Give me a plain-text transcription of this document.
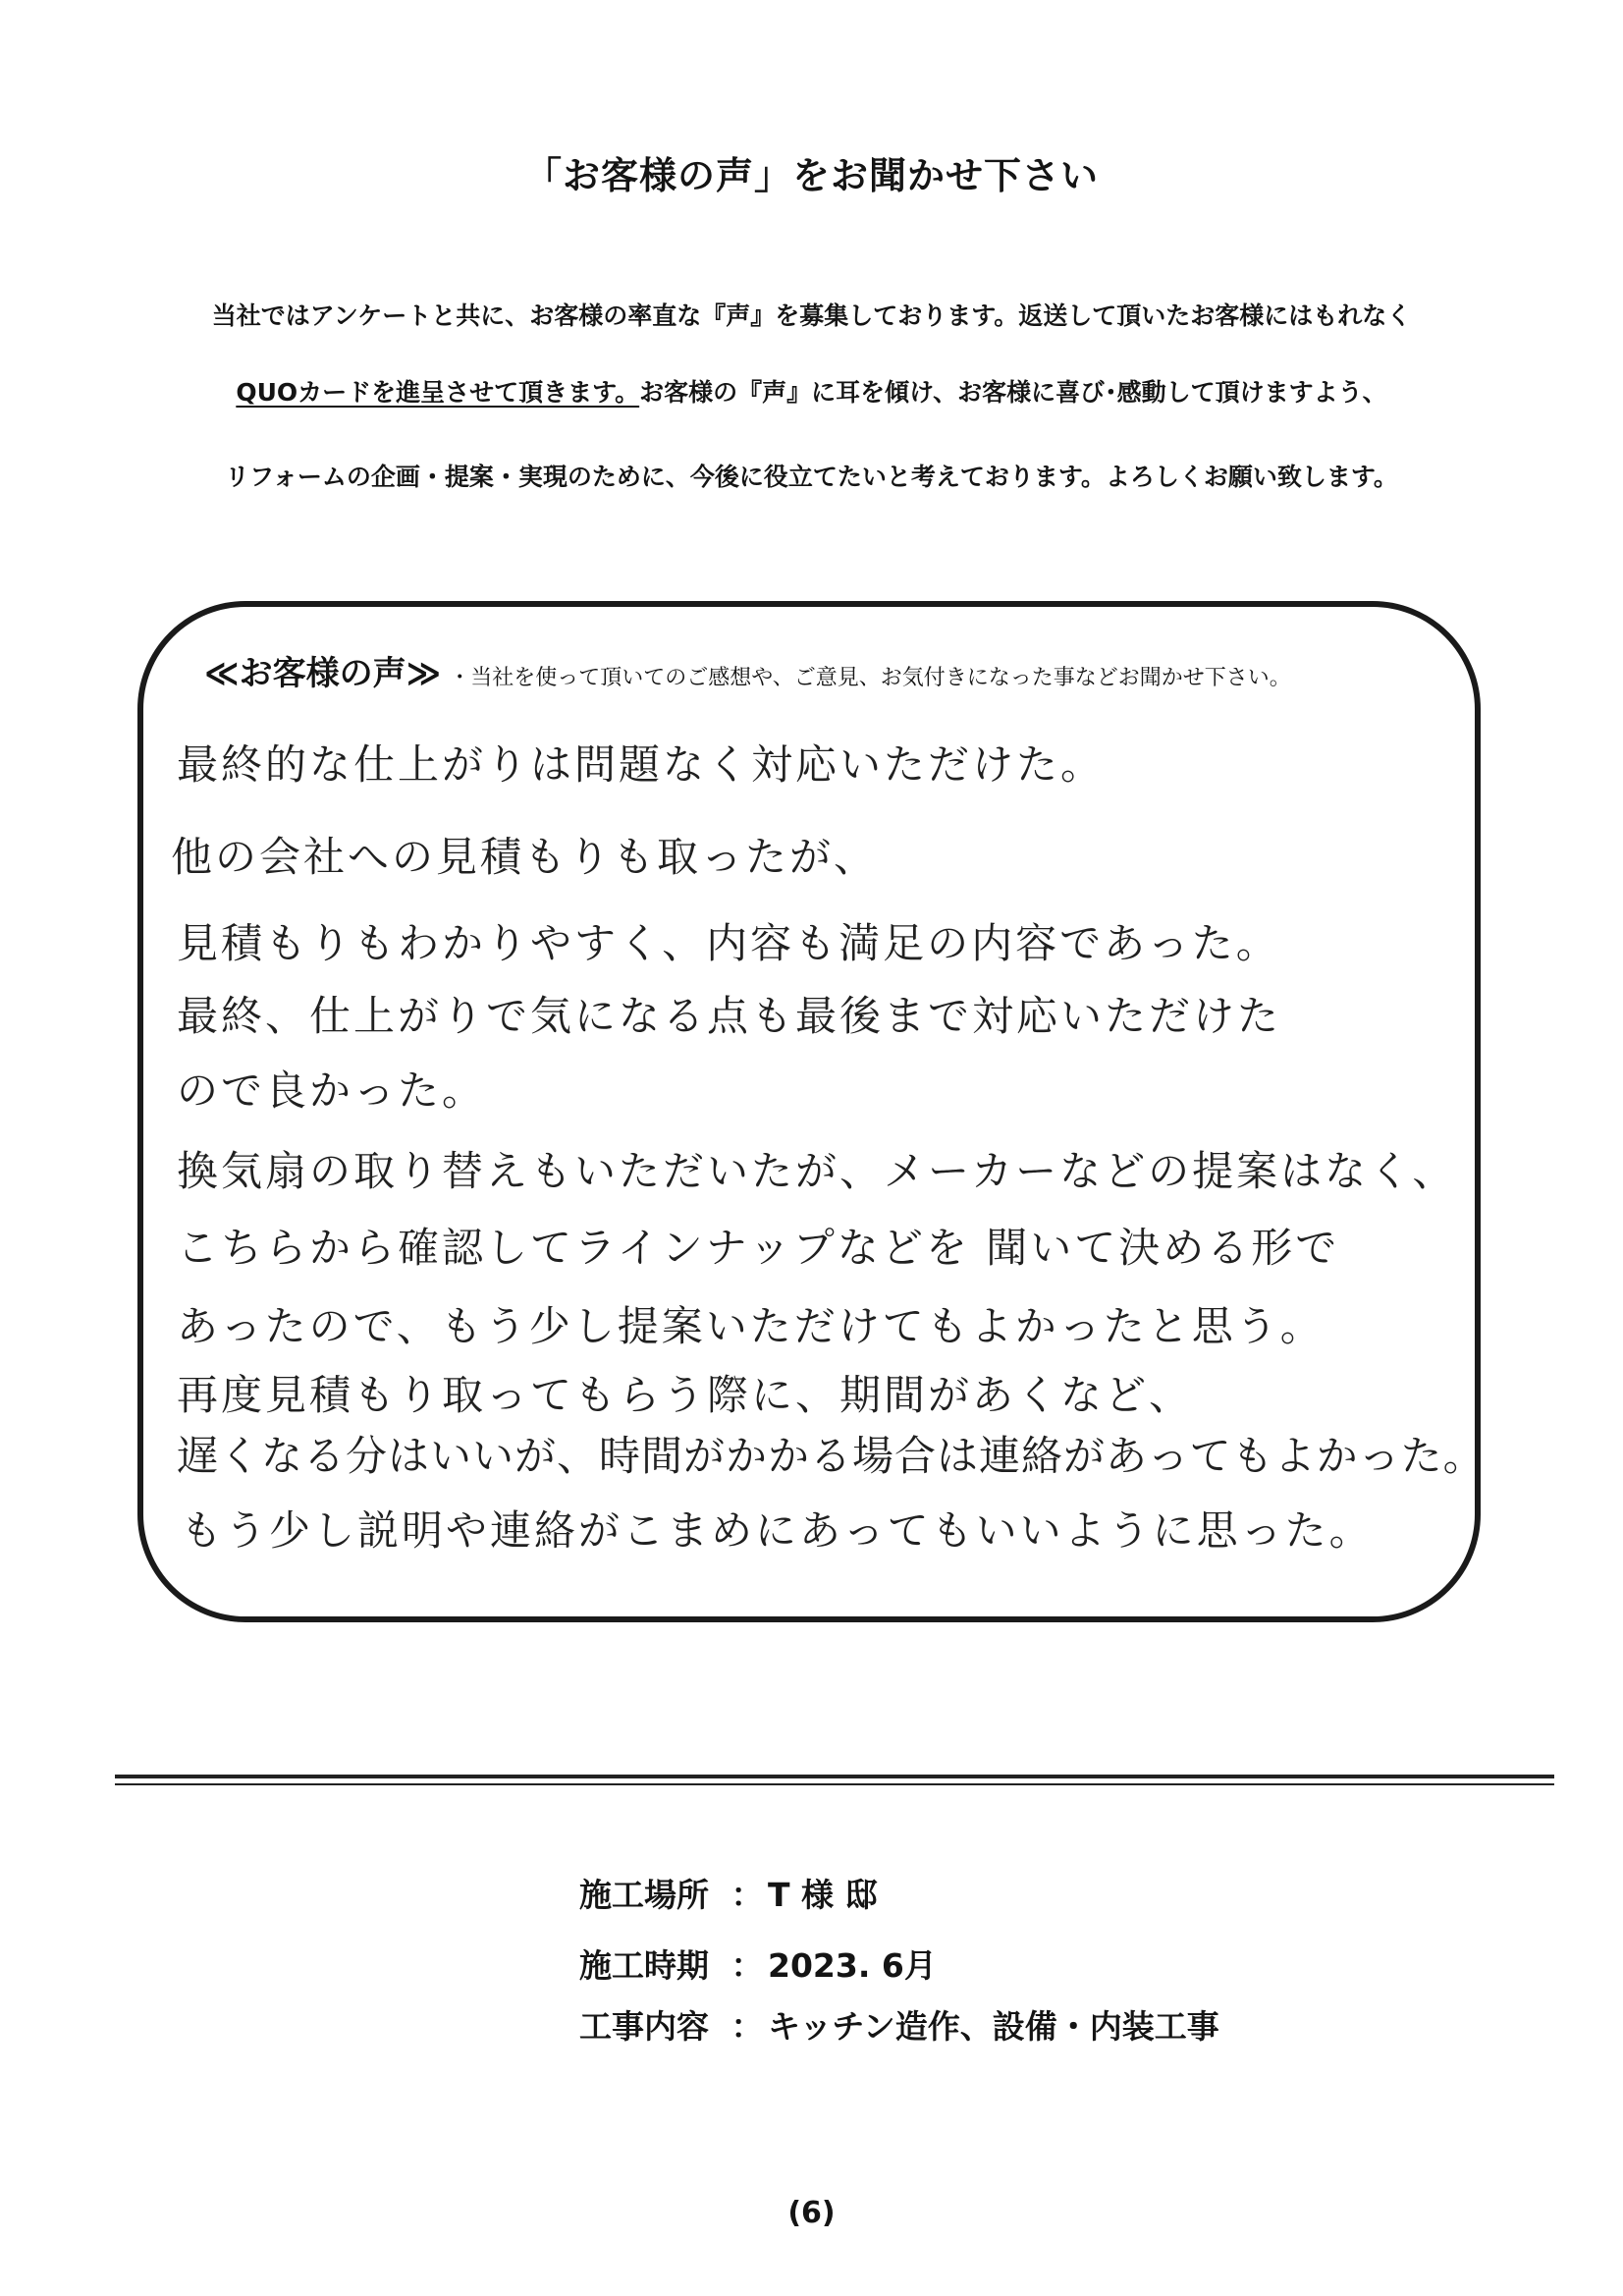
「お客様の声」をお聞かせ下さい
当社ではアンケートと共に、お客様の率直な『声』を募集しております。返送して頂いたお客様にはもれなく
QUOカードを進呈させて頂きます。お客様の『声』に耳を傾け、お客様に喜び･感動して頂けますよう、
リフォームの企画・提案・実現のために、今後に役立てたいと考えております。よろしくお願い致します。
≪お客様の声≫ ・当社を使って頂いてのご感想や、ご意見、お気付きになった事などお聞かせ下さい。
最終的な仕上がりは問題なく対応いただけた。
他の会社への見積もりも取ったが、
見積もりもわかりやすく、内容も満足の内容であった。
最終、仕上がりで気になる点も最後まで対応いただけた
ので良かった。
換気扇の取り替えもいただいたが、メーカーなどの提案はなく、
こちらから確認してラインナップなどを 聞いて決める形で
あったので、もう少し提案いただけてもよかったと思う。
再度見積もり取ってもらう際に、期間があくなど、
遅くなる分はいいが、時間がかかる場合は連絡があってもよかった。
もう少し説明や連絡がこまめにあってもいいように思った。
施工場所 ： T 様 邸
施工時期 ： 2023. 6月
工事内容 ： キッチン造作、設備・内装工事
(6)
